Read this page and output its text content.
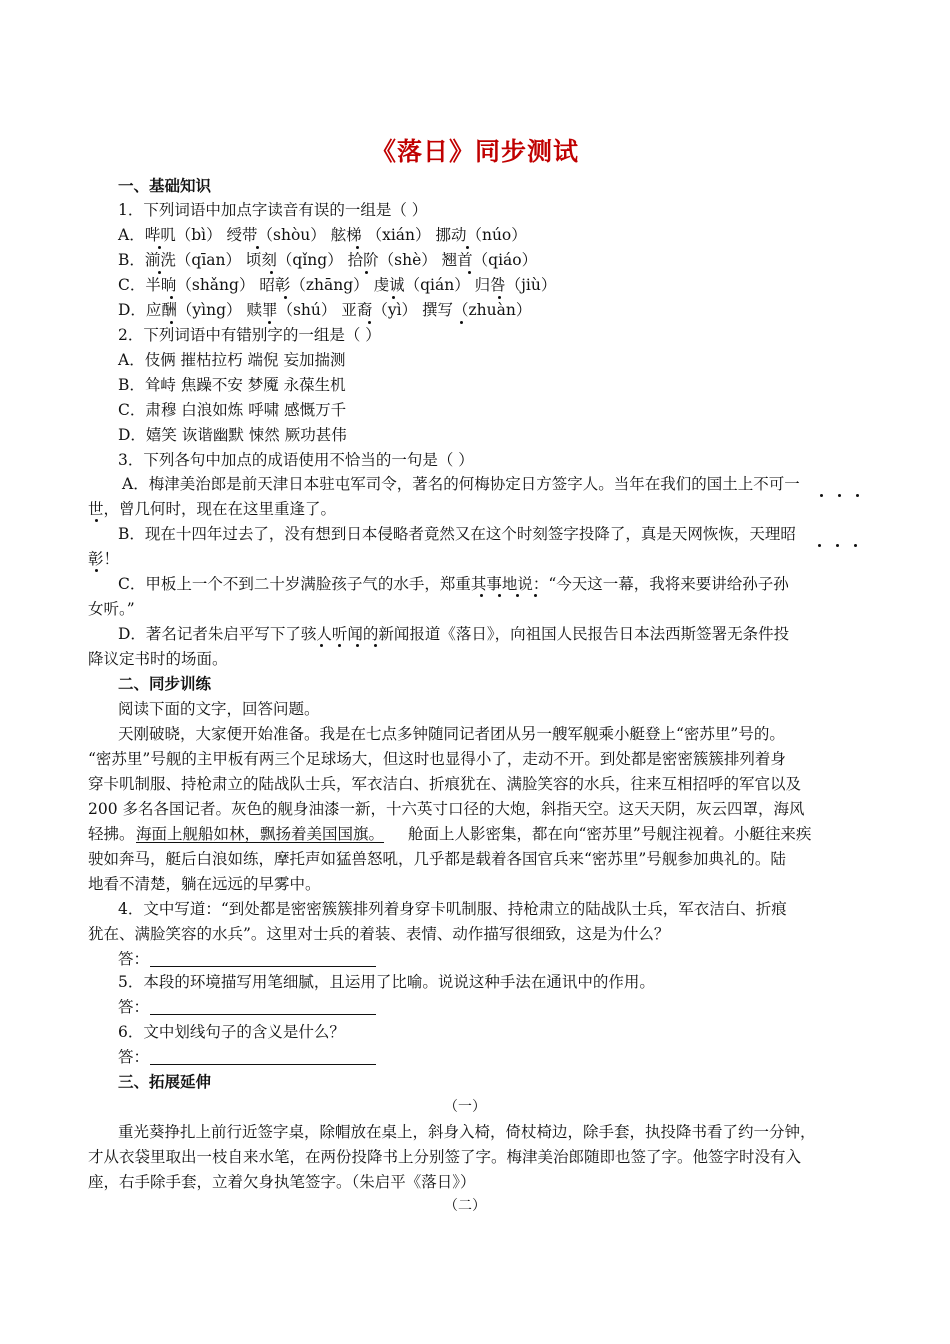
《落日》同步测试
一、基础知识
1．下列词语中加点字读音有误的一组是（ ）
A．哔叽（bì） 绶带（shòu） 舷梯 （xián） 挪动（núo）
B．湔洗（qīan） 顷刻（qǐng） 拾阶（shè） 翘首（qiáo）
C．半晌（shǎng） 昭彰（zhāng） 虔诚（qián） 归咎（jiù）
D．应酬（yìng） 赎罪（shú） 亚裔（yì） 撰写（zhuàn）
2．下列词语中有错别字的一组是（ ）
A．伎俩 摧枯拉朽 端倪 妄加揣测
B．耸峙 焦躁不安 梦魇 永葆生机
C．肃穆 白浪如炼 呼啸 感慨万千
D．嬉笑 诙谐幽默 悚然 厥功甚伟
3．下列各句中加点的成语使用不恰当的一句是（ ）
A．梅津美治郎是前天津日本驻屯军司令，著名的何梅协定日方签字人。当年在我们的国土上不可一
世，曾几何时，现在在这里重逢了。
B．现在十四年过去了，没有想到日本侵略者竟然又在这个时刻签字投降了，真是天网恢恢，天理昭
彰！
C．甲板上一个不到二十岁满脸孩子气的水手，郑重其事地说：“今天这一幕，我将来要讲给孙子孙
女听。”
D．著名记者朱启平写下了骇人听闻的新闻报道《落日》，向祖国人民报告日本法西斯签署无条件投
降议定书时的场面。
二、同步训练
阅读下面的文字，回答问题。
天刚破晓，大家便开始准备。我是在七点多钟随同记者团从另一艘军舰乘小艇登上“密苏里”号的。
“密苏里”号舰的主甲板有两三个足球场大，但这时也显得小了，走动不开。到处都是密密簇簇排列着身
穿卡叽制服、持枪肃立的陆战队士兵，军衣洁白、折痕犹在、满脸笑容的水兵，往来互相招呼的军官以及
200 多名各国记者。灰色的舰身油漆一新，十六英寸口径的大炮，斜指天空。这天天阴，灰云四罩，海风
轻拂。 海面上舰船如林，飘扬着美国国旗。 舱面上人影密集，都在向“密苏里”号舰注视着。小艇往来疾
驶如奔马，艇后白浪如练，摩托声如猛兽怒吼，几乎都是载着各国官兵来“密苏里”号舰参加典礼的。陆
地看不清楚，躺在远远的早雾中。
4．文中写道：“到处都是密密簇簇排列着身穿卡叽制服、持枪肃立的陆战队士兵，军衣洁白、折痕
犹在、满脸笑容的水兵”。这里对士兵的着装、表情、动作描写很细致，这是为什么？
答：
5．本段的环境描写用笔细腻，且运用了比喻。说说这种手法在通讯中的作用。
答：
6．文中划线句子的含义是什么？
答：
三、拓展延伸
（一）
重光葵挣扎上前行近签字桌，除帽放在桌上，斜身入椅，倚杖椅边，除手套，执投降书看了约一分钟，
才从衣袋里取出一枝自来水笔，在两份投降书上分别签了字。梅津美治郎随即也签了字。他签字时没有入
座，右手除手套，立着欠身执笔签字。（朱启平《落日》）
（二）
